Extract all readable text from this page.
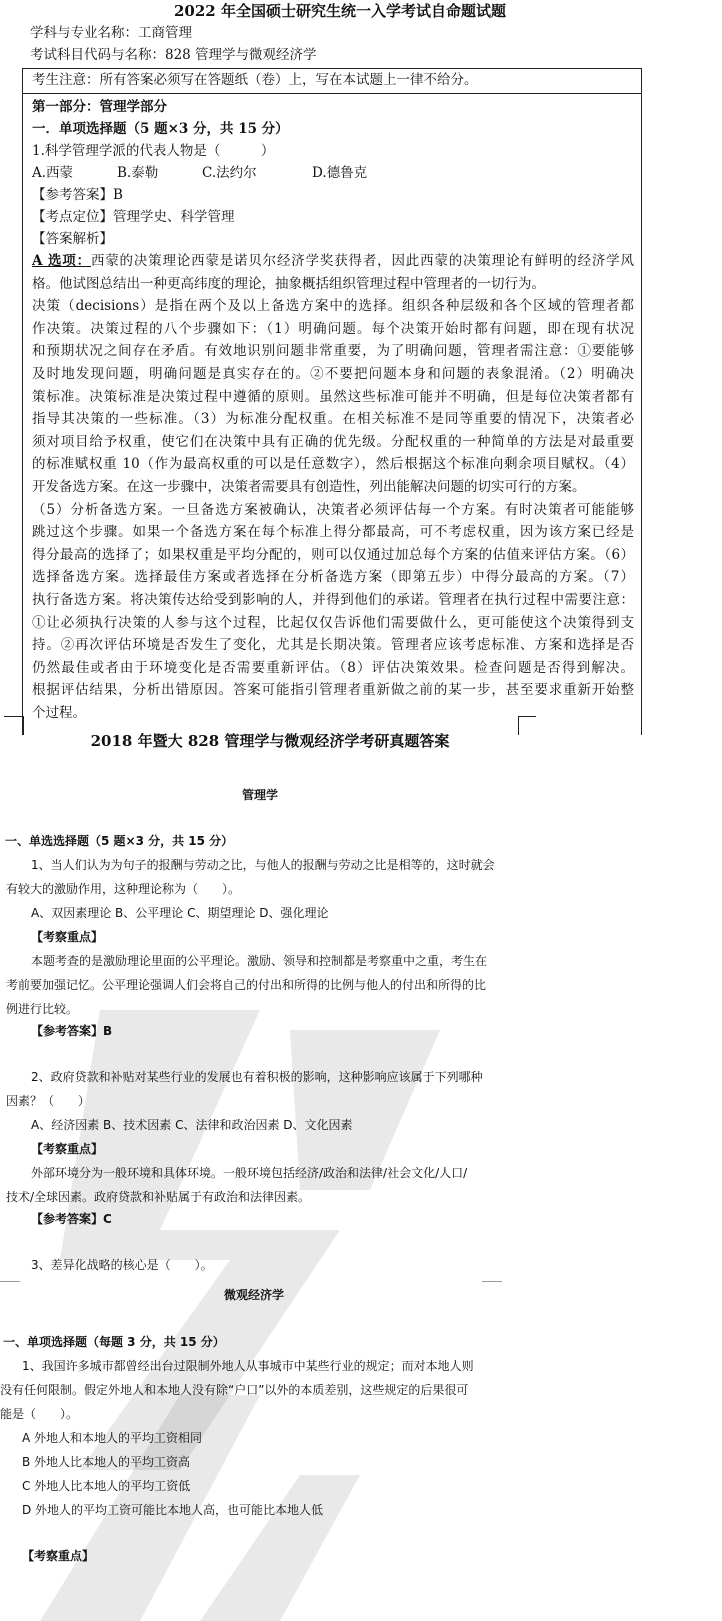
2022 年全国硕士研究生统一入学考试自命题试题
学科与专业名称：工商管理
考试科目代码与名称：828 管理学与微观经济学
考生注意：所有答案必须写在答题纸（卷）上，写在本试题上一律不给分。
第一部分：管理学部分
一．单项选择题（5 题×3 分，共 15 分）
1.科学管理学派的代表人物是（　　　）
A.西蒙	B.泰勒	C.法约尔	D.德鲁克
【参考答案】B
【考点定位】管理学史、科学管理
【答案解析】
A 选项：西蒙的决策理论西蒙是诺贝尔经济学奖获得者，因此西蒙的决策理论有鲜明的经济学风
格。他试图总结出一种更高纬度的理论，抽象概括组织管理过程中管理者的一切行为。
决策（decisions）是指在两个及以上备选方案中的选择。组织各种层级和各个区域的管理者都
作决策。决策过程的八个步骤如下：（1）明确问题。每个决策开始时都有问题，即在现有状况
和预期状况之间存在矛盾。有效地识别问题非常重要，为了明确问题，管理者需注意：①要能够
及时地发现问题，明确问题是真实存在的。②不要把问题本身和问题的表象混淆。（2）明确决
策标准。决策标准是决策过程中遵循的原则。虽然这些标准可能并不明确，但是每位决策者都有
指导其决策的一些标准。（3）为标准分配权重。在相关标准不是同等重要的情况下，决策者必
须对项目给予权重，使它们在决策中具有正确的优先级。分配权重的一种简单的方法是对最重要
的标准赋权重 10（作为最高权重的可以是任意数字），然后根据这个标准向剩余项目赋权。（4）
开发备选方案。在这一步骤中，决策者需要具有创造性，列出能解决问题的切实可行的方案。
（5）分析备选方案。一旦备选方案被确认，决策者必须评估每一个方案。有时决策者可能能够
跳过这个步骤。如果一个备选方案在每个标准上得分都最高，可不考虑权重，因为该方案已经是
得分最高的选择了；如果权重是平均分配的，则可以仅通过加总每个方案的估值来评估方案。（6）
选择备选方案。选择最佳方案或者选择在分析备选方案（即第五步）中得分最高的方案。（7）
执行备选方案。将决策传达给受到影响的人，并得到他们的承诺。管理者在执行过程中需要注意：
①让必须执行决策的人参与这个过程，比起仅仅告诉他们需要做什么，更可能使这个决策得到支
持。②再次评估环境是否发生了变化，尤其是长期决策。管理者应该考虑标准、方案和选择是否
仍然最佳或者由于环境变化是否需要重新评估。（8）评估决策效果。检查问题是否得到解决。
根据评估结果，分析出错原因。答案可能指引管理者重新做之前的某一步，甚至要求重新开始整
个过程。
2018 年暨大 828 管理学与微观经济学考研真题答案
管理学
一、单选选择题（5 题×3 分，共 15 分）
1、当人们认为为句子的报酬与劳动之比，与他人的报酬与劳动之比是相等的，这时就会
有较大的激励作用，这种理论称为（　　）。
A、双因素理论 B、公平理论 C、期望理论 D、强化理论
【考察重点】
本题考查的是激励理论里面的公平理论。激励、领导和控制都是考察重中之重，考生在
考前要加强记忆。公平理论强调人们会将自己的付出和所得的比例与他人的付出和所得的比
例进行比较。
【参考答案】B
2、政府贷款和补贴对某些行业的发展也有着积极的影响，这种影响应该属于下列哪种
因素？（　　）
A、经济因素 B、技术因素 C、法律和政治因素 D、文化因素
【考察重点】
外部环境分为一般环境和具体环境。一般环境包括经济/政治和法律/社会文化/人口/
技术/全球因素。政府贷款和补贴属于有政治和法律因素。
【参考答案】C
3、差异化战略的核心是（　　）。
微观经济学
一、单项选择题（每题 3 分，共 15 分）
1、我国许多城市都曾经出台过限制外地人从事城市中某些行业的规定；而对本地人则
没有任何限制。假定外地人和本地人没有除“户口”以外的本质差别，这些规定的后果很可
能是（　　）。
A 外地人和本地人的平均工资相同
B 外地人比本地人的平均工资高
C 外地人比本地人的平均工资低
D 外地人的平均工资可能比本地人高，也可能比本地人低
【考察重点】
